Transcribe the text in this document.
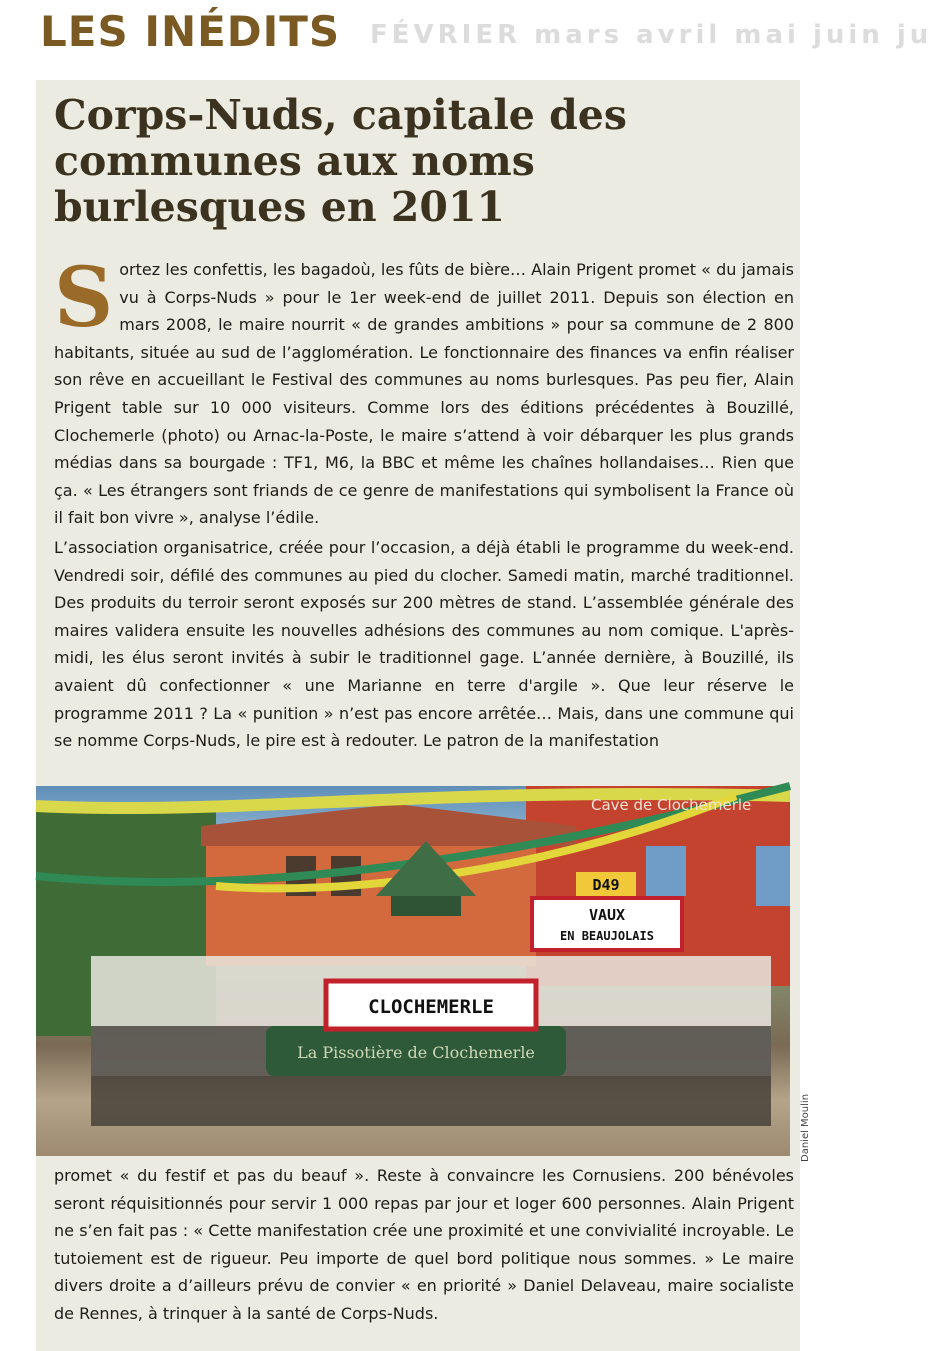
LES INÉDITS FÉVRIER mars avril mai juin ju
Corps-Nuds, capitale des communes aux noms burlesques en 2011

Sortez les confettis, les bagadoù, les fûts de bière… Alain Prigent promet « du jamais vu à Corps-Nuds » pour le 1er week-end de juillet 2011. Depuis son élection en mars 2008, le maire nourrit « de grandes ambitions » pour sa commune de 2 800 habitants, située au sud de l’agglomération. Le fonctionnaire des finances va enfin réaliser son rêve en accueillant le Festival des communes au noms burlesques. Pas peu fier, Alain Prigent table sur 10 000 visiteurs. Comme lors des éditions précédentes à Bouzillé, Clochemerle (photo) ou Arnac-la-Poste, le maire s’attend à voir débarquer les plus grands médias dans sa bourgade : TF1, M6, la BBC et même les chaînes hollandaises… Rien que ça. « Les étrangers sont friands de ce genre de manifestations qui symbolisent la France où il fait bon vivre », analyse l’édile.

L’association organisatrice, créée pour l’occasion, a déjà établi le programme du week-end. Vendredi soir, défilé des communes au pied du clocher. Samedi matin, marché traditionnel. Des produits du terroir seront exposés sur 200 mètres de stand. L’assemblée générale des maires validera ensuite les nouvelles adhésions des communes au nom comique. L'après-midi, les élus seront invités à subir le traditionnel gage. L’année dernière, à Bouzillé, ils avaient dû confectionner « une Marianne en terre d'argile ». Que leur réserve le programme 2011 ? La « punition » n’est pas encore arrêtée… Mais, dans une commune qui se nomme Corps-Nuds, le pire est à redouter. Le patron de la manifestation

La Pissotière de Clochemerle
CLOCHEMERLE
D49
VAUX
EN BEAUJOLAIS
Cave de Clochemerle
Daniel Moulin

promet « du festif et pas du beauf ». Reste à convaincre les Cornusiens. 200 bénévoles seront réquisitionnés pour servir 1 000 repas par jour et loger 600 personnes. Alain Prigent ne s’en fait pas : « Cette manifestation crée une proximité et une convivialité incroyable. Le tutoiement est de rigueur. Peu importe de quel bord politique nous sommes. » Le maire divers droite a d’ailleurs prévu de convier « en priorité » Daniel Delaveau, maire socialiste de Rennes, à trinquer à la santé de Corps-Nuds.
